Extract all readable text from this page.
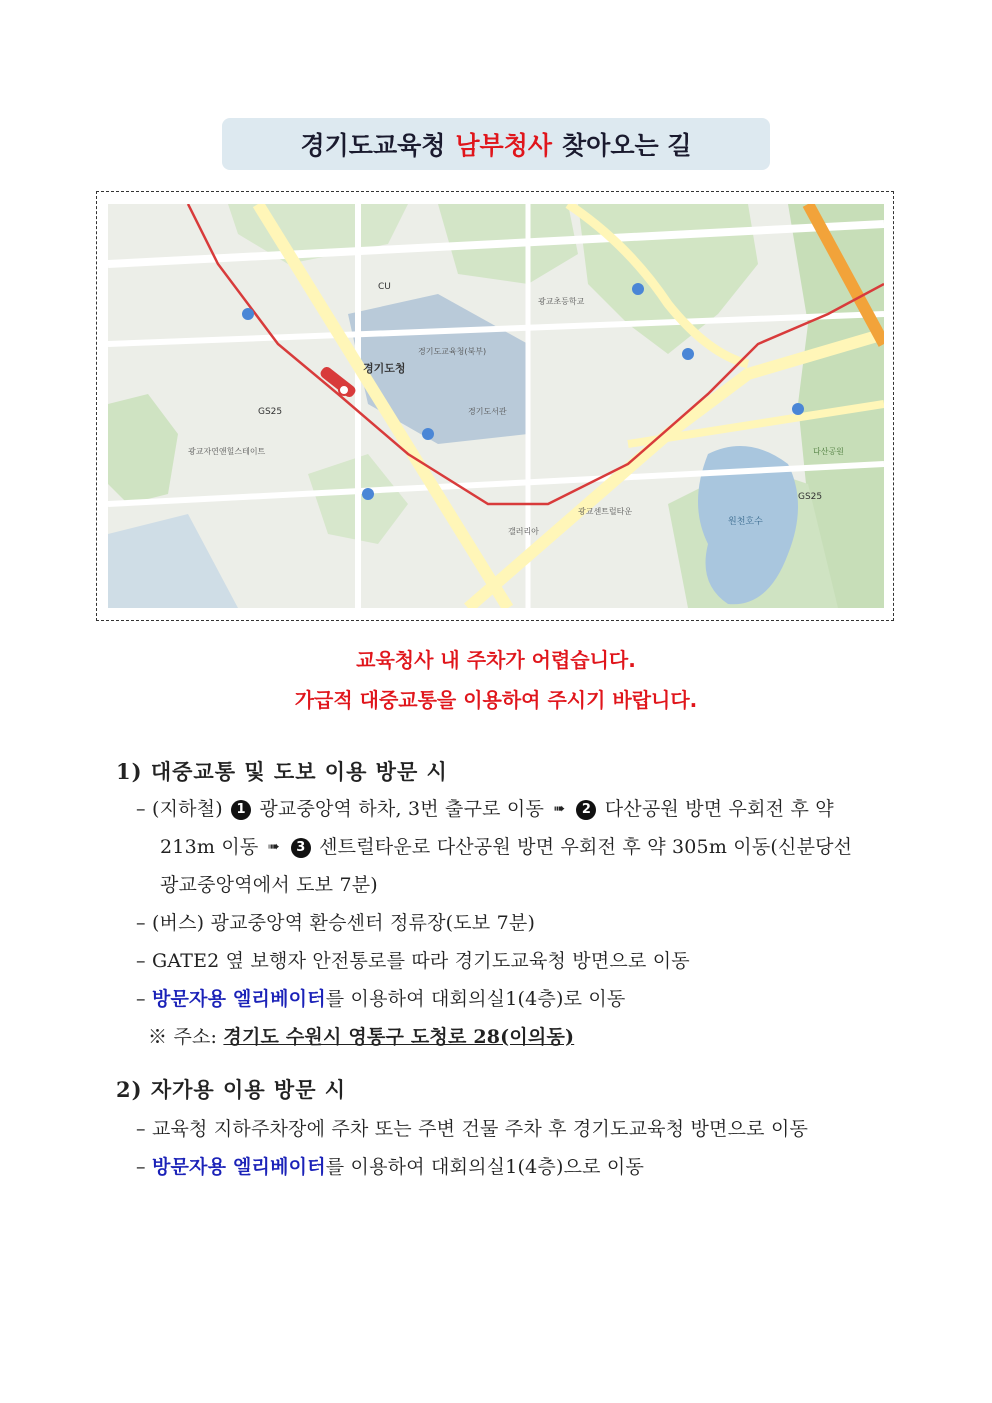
경기도교육청 남부청사 찾아오는 길
경기도청
경기도교육청(북부)
원천호수
다산공원
갤러리아
GS25
GS25
CU
광교초등학교
광교자연앤힐스테이트
광교센트럴타운
경기도서관
교육청사 내 주차가 어렵습니다.
가급적 대중교통을 이용하여 주시기 바랍니다.
1) 대중교통 및 도보 이용 방문 시
– (지하철) 1 광교중앙역 하차, 3번 출구로 이동 ➠ 2 다산공원 방면 우회전 후 약
213m 이동 ➠ 3 센트럴타운로 다산공원 방면 우회전 후 약 305m 이동(신분당선
광교중앙역에서 도보 7분)
– (버스) 광교중앙역 환승센터 정류장(도보 7분)
– GATE2 옆 보행자 안전통로를 따라 경기도교육청 방면으로 이동
– 방문자용 엘리베이터를 이용하여 대회의실1(4층)로 이동
※ 주소: 경기도 수원시 영통구 도청로 28(이의동)
2) 자가용 이용 방문 시
– 교육청 지하주차장에 주차 또는 주변 건물 주차 후 경기도교육청 방면으로 이동
– 방문자용 엘리베이터를 이용하여 대회의실1(4층)으로 이동
